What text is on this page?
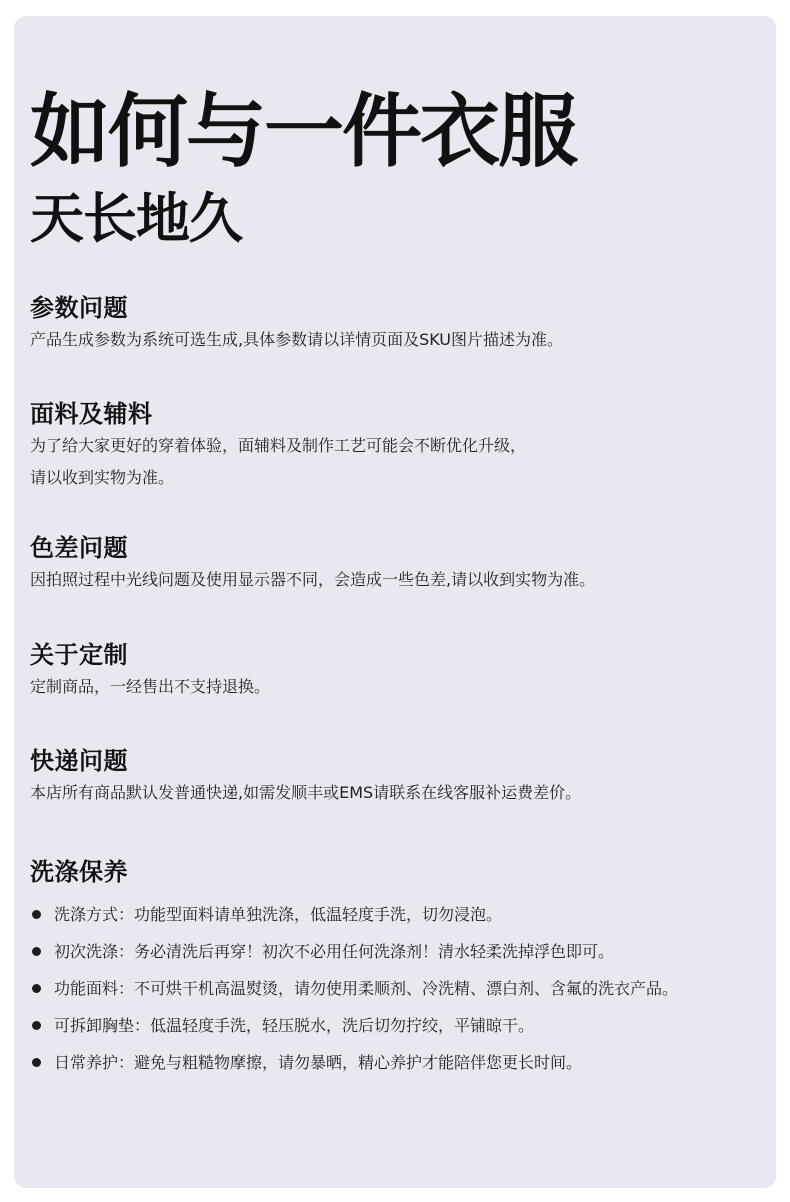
如何与一件衣服
天长地久
参数问题

产品生成参数为系统可选生成,具体参数请以详情页面及SKU图片描述为准。

面料及辅料

为了给大家更好的穿着体验，面辅料及制作工艺可能会不断优化升级，

请以收到实物为准。

色差问题

因拍照过程中光线问题及使用显示器不同，会造成一些色差,请以收到实物为准。

关于定制

定制商品，一经售出不支持退换。

快递问题

本店所有商品默认发普通快递,如需发顺丰或EMS请联系在线客服补运费差价。

洗涤保养
洗涤方式：功能型面料请单独洗涤，低温轻度手洗，切勿浸泡。
初次洗涤：务必清洗后再穿！初次不必用任何洗涤剂！清水轻柔洗掉浮色即可。
功能面料：不可烘干机高温熨烫，请勿使用柔顺剂、冷洗精、漂白剂、含氟的洗衣产品。
可拆卸胸垫：低温轻度手洗，轻压脱水，洗后切勿拧绞，平铺晾干。
日常养护：避免与粗糙物摩擦，请勿暴晒，精心养护才能陪伴您更长时间。
